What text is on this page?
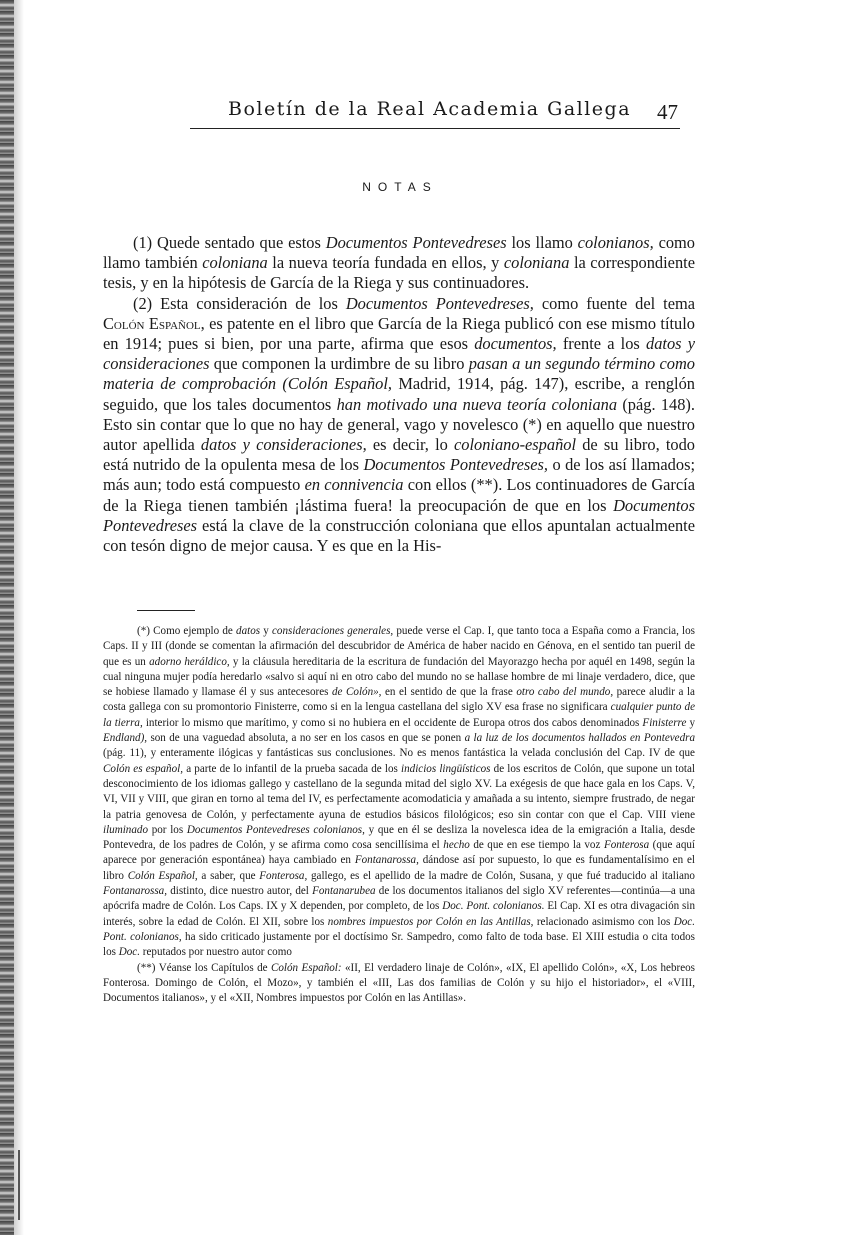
Boletín de la Real Academia Gallega 47
NOTAS

(1) Quede sentado que estos Documentos Pontevedreses los llamo colonianos, como llamo también coloniana la nueva teoría fundada en ellos, y coloniana la correspondiente tesis, y en la hipótesis de García de la Riega y sus continuadores.

(2) Esta consideración de los Documentos Pontevedreses, como fuente del tema Colón Español, es patente en el libro que García de la Riega publicó con ese mismo título en 1914; pues si bien, por una parte, afirma que esos documentos, frente a los datos y consideraciones que componen la urdimbre de su libro pasan a un segundo término como materia de comprobación (Colón Español, Madrid, 1914, pág. 147), escribe, a renglón seguido, que los tales documentos han motivado una nueva teoría coloniana (pág. 148). Esto sin contar que lo que no hay de general, vago y novelesco (*) en aquello que nuestro autor apellida datos y consideraciones, es decir, lo coloniano-español de su libro, todo está nutrido de la opulenta mesa de los Documentos Pontevedreses, o de los así llamados; más aun; todo está compuesto en connivencia con ellos (**). Los continuadores de García de la Riega tienen también ¡lástima fuera! la preocupación de que en los Documentos Pontevedreses está la clave de la construcción coloniana que ellos apuntalan actualmente con tesón digno de mejor causa. Y es que en la His-

(*) Como ejemplo de datos y consideraciones generales, puede verse el Cap. I, que tanto toca a España como a Francia, los Caps. II y III (donde se comentan la afirmación del descubridor de América de haber nacido en Génova, en el sentido tan pueril de que es un adorno heráldico, y la cláusula hereditaria de la escritura de fundación del Mayorazgo hecha por aquél en 1498, según la cual ninguna mujer podía heredarlo «salvo si aquí ni en otro cabo del mundo no se hallase hombre de mi linaje verdadero, dice, que se hobiese llamado y llamase él y sus antecesores de Colón», en el sentido de que la frase otro cabo del mundo, parece aludir a la costa gallega con su promontorio Finisterre, como si en la lengua castellana del siglo XV esa frase no significara cualquier punto de la tierra, interior lo mismo que marítimo, y como si no hubiera en el occidente de Europa otros dos cabos denominados Finisterre y Endland), son de una vaguedad absoluta, a no ser en los casos en que se ponen a la luz de los documentos hallados en Pontevedra (pág. 11), y enteramente ilógicas y fantásticas sus conclusiones. No es menos fantástica la velada conclusión del Cap. IV de que Colón es español, a parte de lo infantil de la prueba sacada de los indicios lingüísticos de los escritos de Colón, que supone un total desconocimiento de los idiomas gallego y castellano de la segunda mitad del siglo XV. La exégesis de que hace gala en los Caps. V, VI, VII y VIII, que giran en torno al tema del IV, es perfectamente acomodaticia y amañada a su intento, siempre frustrado, de negar la patria genovesa de Colón, y perfectamente ayuna de estudios básicos filológicos; eso sin contar con que el Cap. VIII viene iluminado por los Documentos Pontevedreses colonianos, y que en él se desliza la novelesca idea de la emigración a Italia, desde Pontevedra, de los padres de Colón, y se afirma como cosa sencillísima el hecho de que en ese tiempo la voz Fonterosa (que aquí aparece por generación espontánea) haya cambiado en Fontanarossa, dándose así por supuesto, lo que es fundamentalísimo en el libro Colón Español, a saber, que Fonterosa, gallego, es el apellido de la madre de Colón, Susana, y que fué traducido al italiano Fontanarossa, distinto, dice nuestro autor, del Fontanarubea de los documentos italianos del siglo XV referentes—continúa—a una apócrifa madre de Colón. Los Caps. IX y X dependen, por completo, de los Doc. Pont. colonianos. El Cap. XI es otra divagación sin interés, sobre la edad de Colón. El XII, sobre los nombres impuestos por Colón en las Antillas, relacionado asimismo con los Doc. Pont. colonianos, ha sido criticado justamente por el doctísimo Sr. Sampedro, como falto de toda base. El XIII estudia o cita todos los Doc. reputados por nuestro autor como

(**) Véanse los Capítulos de Colón Español: «II, El verdadero linaje de Colón», «IX, El apellido Colón», «X, Los hebreos Fonterosa. Domingo de Colón, el Mozo», y también el «III, Las dos familias de Colón y su hijo el historiador», el «VIII, Documentos italianos», y el «XII, Nombres impuestos por Colón en las Antillas».
